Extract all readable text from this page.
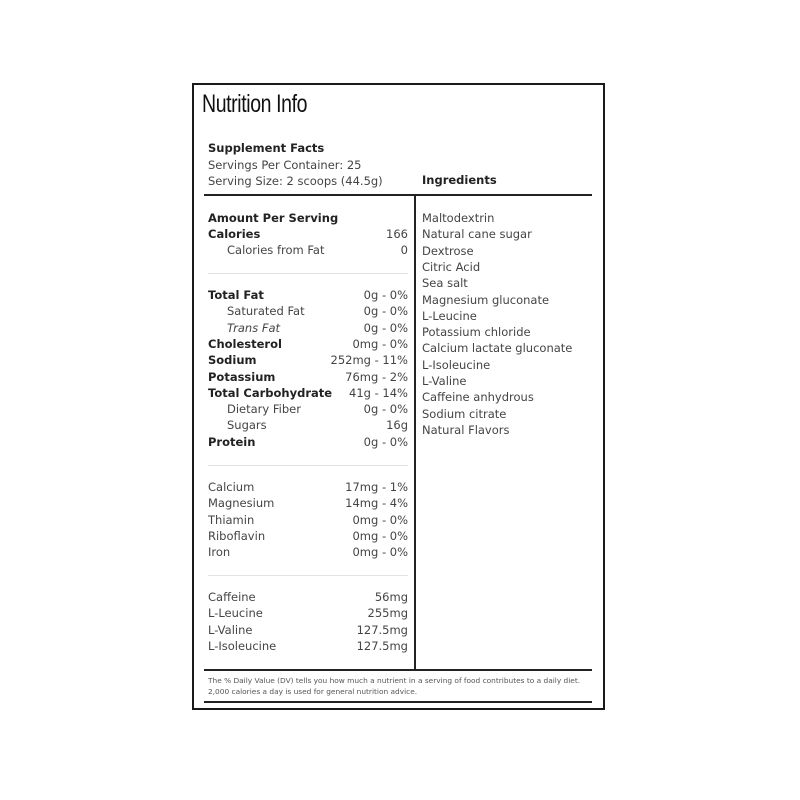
Nutrition Info
Supplement Facts
Servings Per Container: 25
Serving Size: 2 scoops (44.5g)	Ingredients
Amount Per Serving
Calories	166
Calories from Fat	0
Total Fat	0g - 0%
Saturated Fat	0g - 0%
Trans Fat	0g - 0%
Cholesterol	0mg - 0%
Sodium	252mg - 11%
Potassium	76mg - 2%
Total Carbohydrate 41g - 14%
Dietary Fiber	0g - 0%
Sugars	16g
Protein	0g - 0%
Calcium	17mg - 1%
Magnesium	14mg - 4%
Thiamin	0mg - 0%
Riboflavin	0mg - 0%
Iron	0mg - 0%
Caffeine	56mg
L-Leucine	255mg
L-Valine	127.5mg
L-Isoleucine	127.5mg
Maltodextrin
Natural cane sugar
Dextrose
Citric Acid
Sea salt
Magnesium gluconate
L-Leucine
Potassium chloride
Calcium lactate gluconate
L-Isoleucine
L-Valine
Caffeine anhydrous
Sodium citrate
Natural Flavors
The % Daily Value (DV) tells you how much a nutrient in a serving of food contributes to a daily diet.
2,000 calories a day is used for general nutrition advice.
